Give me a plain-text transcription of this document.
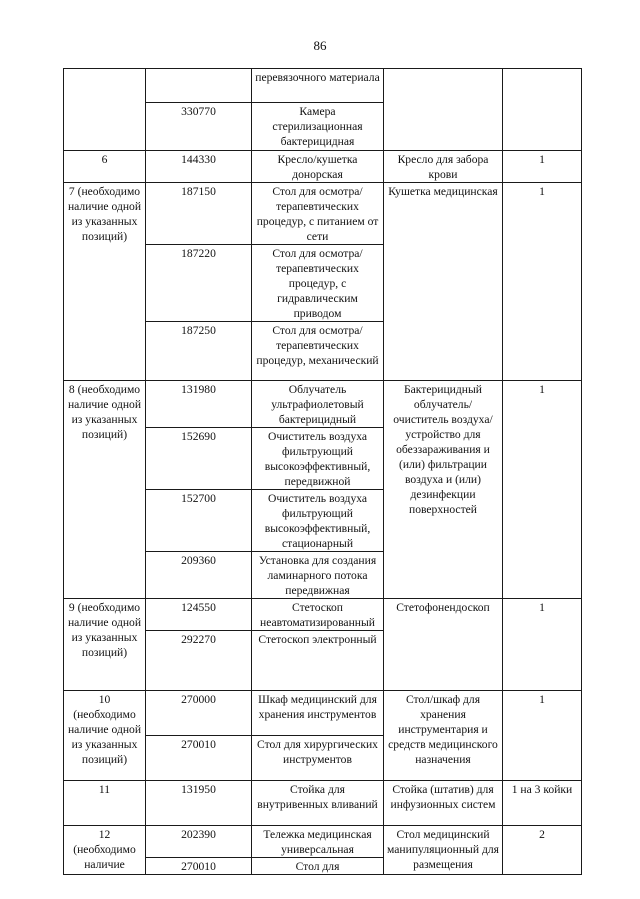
86
		перевязочного материала		
	330770	Камера стерилизационная бактерицидная		
6	144330	Кресло/кушетка донорская	Кресло для забора крови	1
7 (необходимо наличие одной из указанных позиций)	187150	Стол для осмотра/ терапевтических процедур, с питанием от сети	Кушетка медицинская	1
	187220	Стол для осмотра/ терапевтических процедур, с гидравлическим приводом		
	187250	Стол для осмотра/ терапевтических процедур, механический		
8 (необходимо наличие одной из указанных позиций)	131980	Облучатель ультрафиолетовый бактерицидный	Бактерицидный облучатель/ очиститель воздуха/ устройство для обеззараживания и (или) фильтрации воздуха и (или) дезинфекции поверхностей	1
	152690	Очиститель воздуха фильтрующий высокоэффективный, передвижной		
	152700	Очиститель воздуха фильтрующий высокоэффективный, стационарный		
	209360	Установка для создания ламинарного потока передвижная		
9 (необходимо наличие одной из указанных позиций)	124550	Стетоскоп неавтоматизированный	Стетофонендоскоп	1
	292270	Стетоскоп электронный		
10 (необходимо наличие одной из указанных позиций)	270000	Шкаф медицинский для хранения инструментов	Стол/шкаф для хранения инструментария и средств медицинского назначения	1
	270010	Стол для хирургических инструментов		
11	131950	Стойка для внутривенных вливаний	Стойка (штатив) для инфузионных систем	1 на 3 койки
12 (необходимо наличие	202390	Тележка медицинская универсальная	Стол медицинский манипуляционный для размещения	2
	270010	Стол для		
